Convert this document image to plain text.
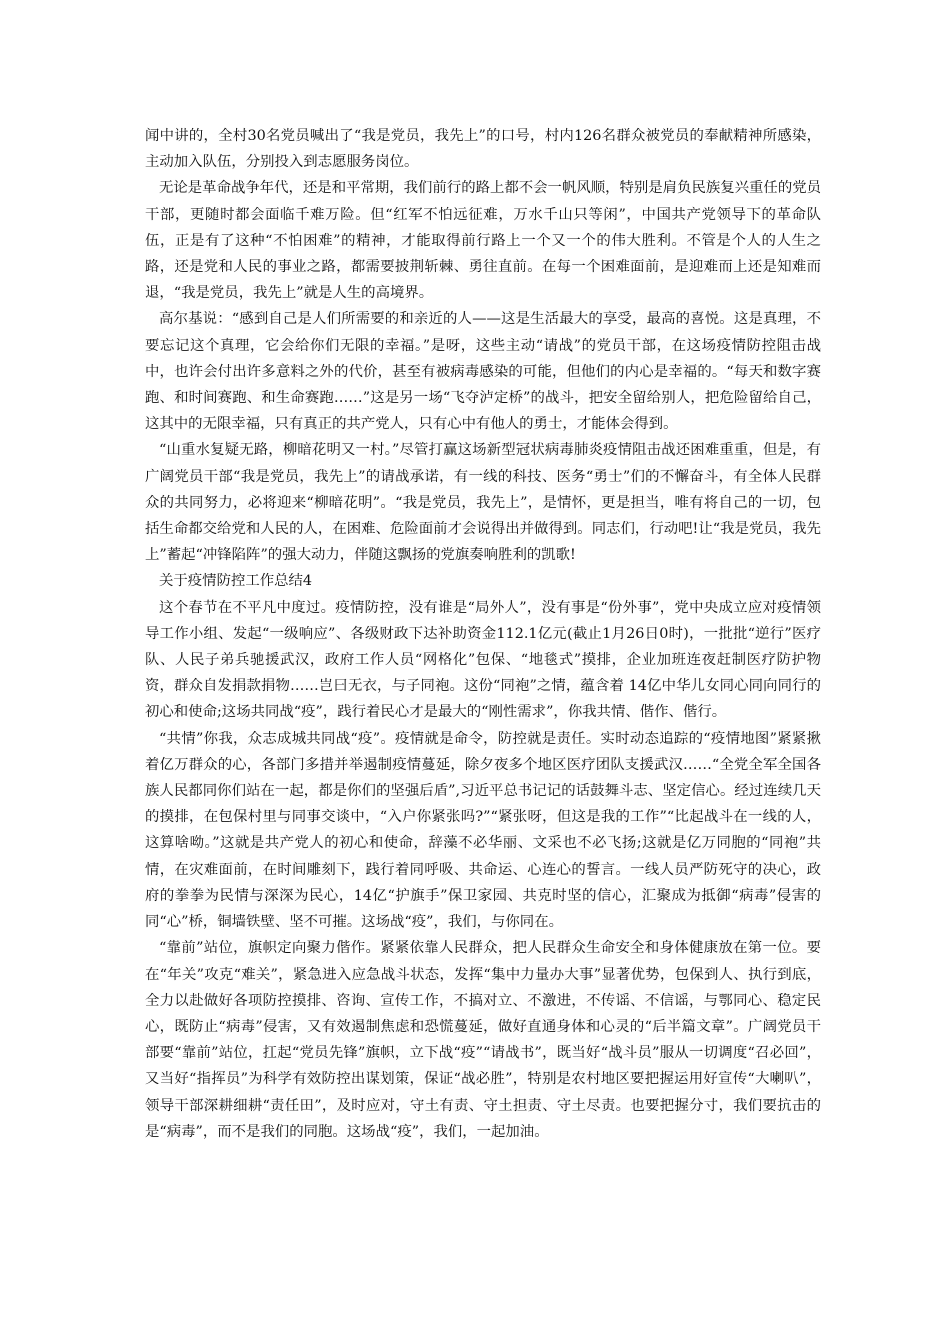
闻中讲的，全村30名党员喊出了“我是党员，我先上”的口号，村内126名群众被党员的奉献精神所感染，主动加入队伍，分别投入到志愿服务岗位。

无论是革命战争年代，还是和平常期，我们前行的路上都不会一帆风顺，特别是肩负民族复兴重任的党员干部，更随时都会面临千难万险。但“红军不怕远征难，万水千山只等闲”，中国共产党领导下的革命队伍，正是有了这种“不怕困难”的精神，才能取得前行路上一个又一个的伟大胜利。不管是个人的人生之路，还是党和人民的事业之路，都需要披荆斩棘、勇往直前。在每一个困难面前，是迎难而上还是知难而退，“我是党员，我先上”就是人生的高境界。

高尔基说：“感到自己是人们所需要的和亲近的人——这是生活最大的享受，最高的喜悦。这是真理，不要忘记这个真理，它会给你们无限的幸福。”是呀，这些主动“请战”的党员干部，在这场疫情防控阻击战中，也许会付出许多意料之外的代价，甚至有被病毒感染的可能，但他们的内心是幸福的。“每天和数字赛跑、和时间赛跑、和生命赛跑……”这是另一场“飞夺泸定桥”的战斗，把安全留给别人，把危险留给自己，这其中的无限幸福，只有真正的共产党人，只有心中有他人的勇士，才能体会得到。

“山重水复疑无路，柳暗花明又一村。”尽管打赢这场新型冠状病毒肺炎疫情阻击战还困难重重，但是，有广阔党员干部“我是党员，我先上”的请战承诺，有一线的科技、医务“勇士”们的不懈奋斗，有全体人民群众的共同努力，必将迎来“柳暗花明”。“我是党员，我先上”，是情怀，更是担当，唯有将自己的一切，包括生命都交给党和人民的人，在困难、危险面前才会说得出并做得到。同志们，行动吧!让“我是党员，我先上”蓄起“冲锋陷阵”的强大动力，伴随这飘扬的党旗奏响胜利的凯歌!

关于疫情防控工作总结4

这个春节在不平凡中度过。疫情防控，没有谁是“局外人”，没有事是“份外事”，党中央成立应对疫情领导工作小组、发起“一级响应”、各级财政下达补助资金112.1亿元(截止1月26日0时)，一批批“逆行”医疗队、人民子弟兵驰援武汉，政府工作人员“网格化”包保、“地毯式”摸排，企业加班连夜赶制医疗防护物资，群众自发捐款捐物……岂曰无衣，与子同袍。这份“同袍”之情，蕴含着 14亿中华儿女同心同向同行的初心和使命;这场共同战“疫”，践行着民心才是最大的“刚性需求”，你我共情、偕作、偕行。

“共情”你我，众志成城共同战“疫”。疫情就是命令，防控就是责任。实时动态追踪的“疫情地图”紧紧揪着亿万群众的心，各部门多措并举遏制疫情蔓延，除夕夜多个地区医疗团队支援武汉……“全党全军全国各族人民都同你们站在一起，都是你们的坚强后盾”,习近平总书记记的话鼓舞斗志、坚定信心。经过连续几天的摸排，在包保村里与同事交谈中，“入户你紧张吗?”“紧张呀，但这是我的工作”“比起战斗在一线的人，这算啥呦。”这就是共产党人的初心和使命，辞藻不必华丽、文采也不必飞扬;这就是亿万同胞的“同袍”共情，在灾难面前，在时间雕刻下，践行着同呼吸、共命运、心连心的誓言。一线人员严防死守的决心，政府的拳拳为民情与深深为民心，14亿“护旗手”保卫家园、共克时坚的信心，汇聚成为抵御“病毒”侵害的同“心”桥，铜墙铁壁、坚不可摧。这场战“疫”，我们，与你同在。

“靠前”站位，旗帜定向聚力偕作。紧紧依靠人民群众，把人民群众生命安全和身体健康放在第一位。要在“年关”攻克“难关”，紧急进入应急战斗状态，发挥“集中力量办大事”显著优势，包保到人、执行到底，全力以赴做好各项防控摸排、咨询、宣传工作，不搞对立、不激进，不传谣、不信谣，与鄂同心、稳定民心，既防止“病毒”侵害，又有效遏制焦虑和恐慌蔓延，做好直通身体和心灵的“后半篇文章”。广阔党员干部要“靠前”站位，扛起“党员先锋”旗帜，立下战“疫”“请战书”，既当好“战斗员”服从一切调度“召必回”，又当好“指挥员”为科学有效防控出谋划策，保证“战必胜”，特别是农村地区要把握运用好宣传“大喇叭”，领导干部深耕细耕“责任田”，及时应对，守土有责、守土担责、守土尽责。也要把握分寸，我们要抗击的是“病毒”，而不是我们的同胞。这场战“疫”，我们，一起加油。
